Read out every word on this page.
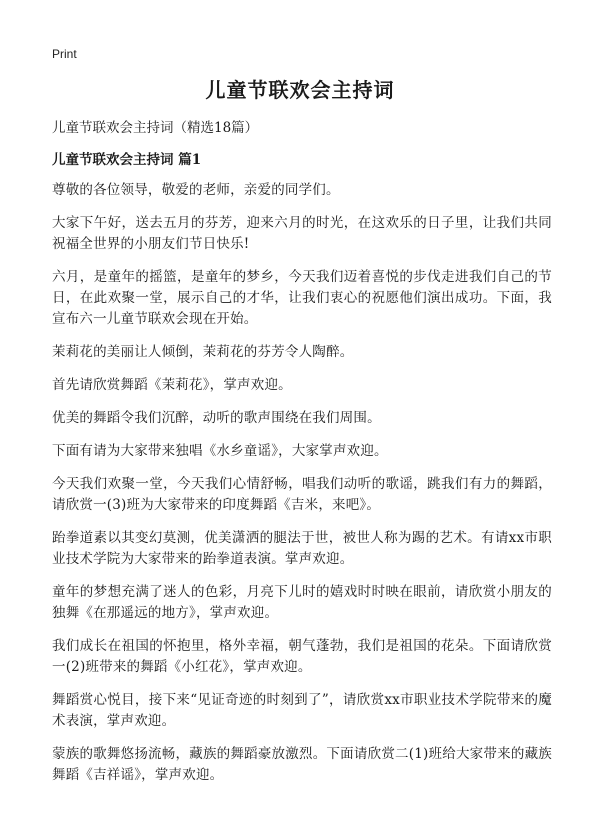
Print
儿童节联欢会主持词

儿童节联欢会主持词（精选18篇）

儿童节联欢会主持词 篇1

尊敬的各位领导，敬爱的老师，亲爱的同学们。

大家下午好，送去五月的芬芳，迎来六月的时光，在这欢乐的日子里，让我们共同祝福全世界的小朋友们节日快乐!

六月，是童年的摇篮，是童年的梦乡，今天我们迈着喜悦的步伐走进我们自己的节日，在此欢聚一堂，展示自己的才华，让我们衷心的祝愿他们演出成功。下面，我宣布六一儿童节联欢会现在开始。

茉莉花的美丽让人倾倒，茉莉花的芬芳令人陶醉。

首先请欣赏舞蹈《茉莉花》，掌声欢迎。

优美的舞蹈令我们沉醉，动听的歌声围绕在我们周围。

下面有请为大家带来独唱《水乡童谣》，大家掌声欢迎。

今天我们欢聚一堂，今天我们心情舒畅，唱我们动听的歌谣，跳我们有力的舞蹈，请欣赏一(3)班为大家带来的印度舞蹈《吉米，来吧》。

跆拳道素以其变幻莫测，优美潇洒的腿法于世，被世人称为踢的艺术。有请xx市职业技术学院为大家带来的跆拳道表演。掌声欢迎。

童年的梦想充满了迷人的色彩，月亮下儿时的嬉戏时时映在眼前，请欣赏小朋友的独舞《在那遥远的地方》，掌声欢迎。

我们成长在祖国的怀抱里，格外幸福，朝气蓬勃，我们是祖国的花朵。下面请欣赏一(2)班带来的舞蹈《小红花》，掌声欢迎。

舞蹈赏心悦目，接下来“见证奇迹的时刻到了”，请欣赏xx市职业技术学院带来的魔术表演，掌声欢迎。

蒙族的歌舞悠扬流畅，藏族的舞蹈豪放激烈。下面请欣赏二(1)班给大家带来的藏族舞蹈《吉祥谣》，掌声欢迎。
